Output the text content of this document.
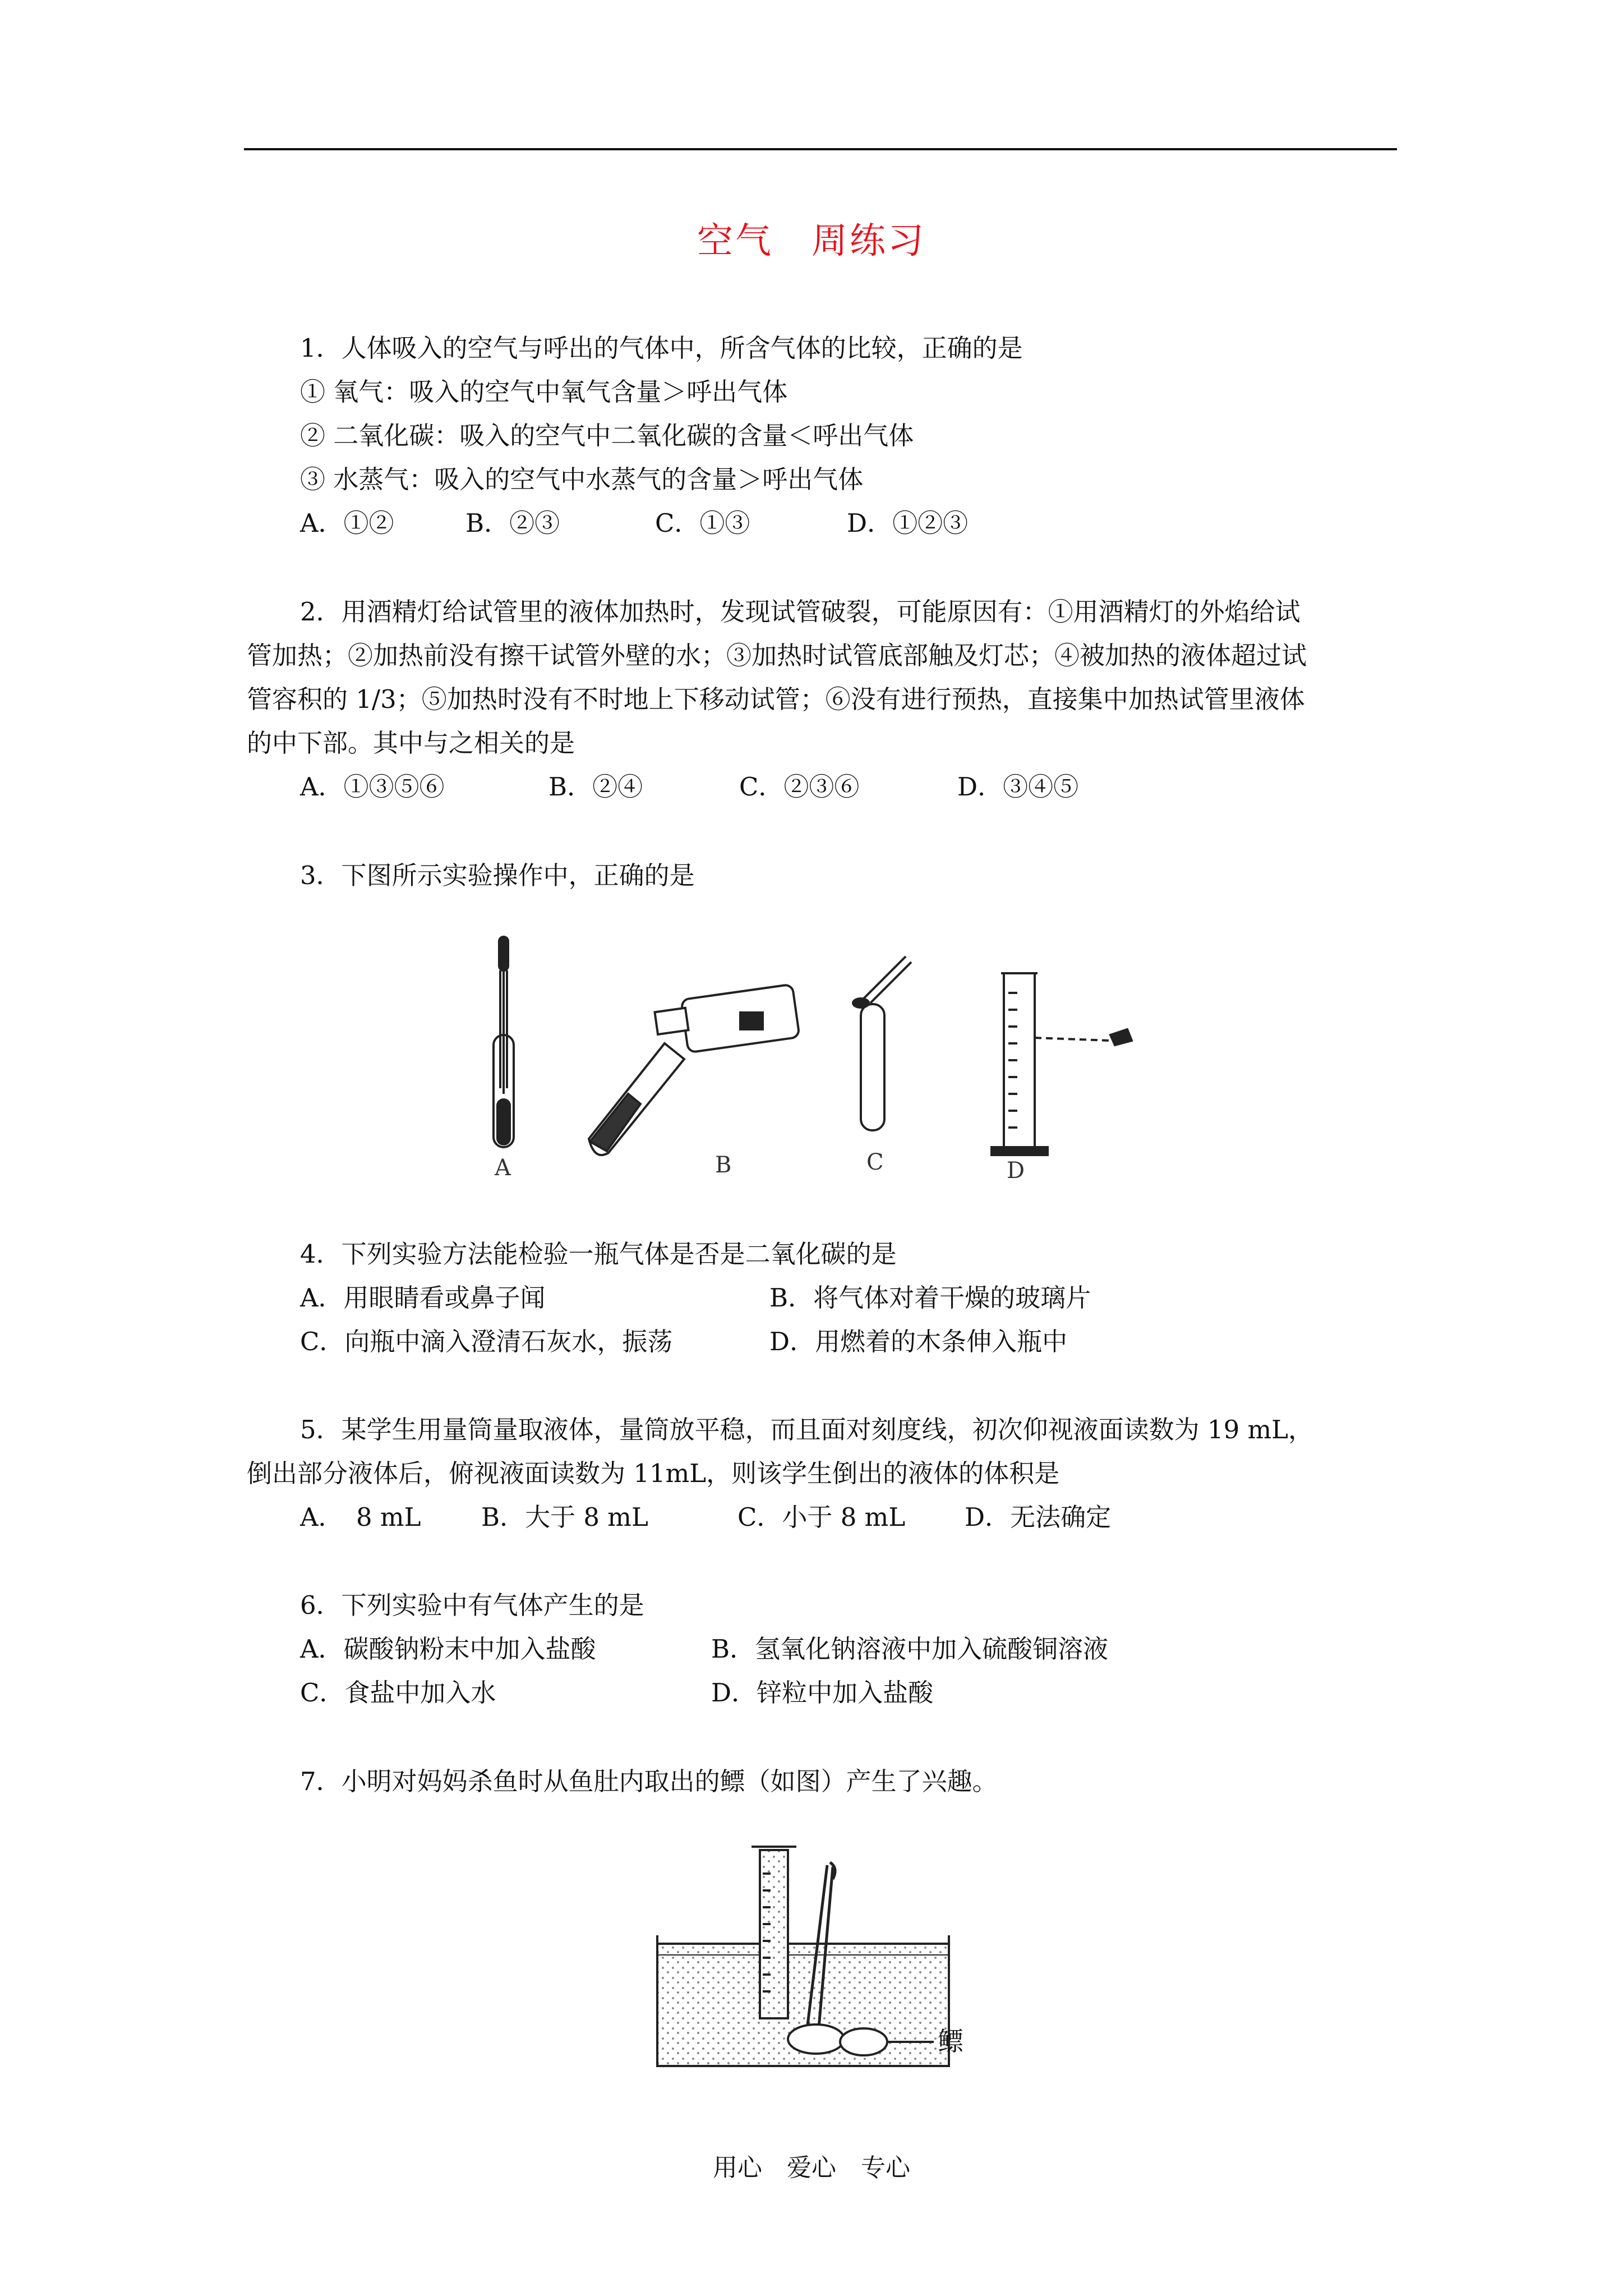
空气　周练习
1．人体吸入的空气与呼出的气体中，所含气体的比较，正确的是
① 氧气：吸入的空气中氧气含量＞呼出气体
② 二氧化碳：吸入的空气中二氧化碳的含量＜呼出气体
③ 水蒸气：吸入的空气中水蒸气的含量＞呼出气体
A．①②	B．②③	C．①③	D．①②③
2．用酒精灯给试管里的液体加热时，发现试管破裂，可能原因有：①用酒精灯的外焰给试
管加热；②加热前没有擦干试管外壁的水；③加热时试管底部触及灯芯；④被加热的液体超过试
管容积的 1/3；⑤加热时没有不时地上下移动试管；⑥没有进行预热，直接集中加热试管里液体
的中下部。其中与之相关的是
A．①③⑤⑥	B．②④	C．②③⑥	D．③④⑤
3．下图所示实验操作中，正确的是
A	B	C	D
4．下列实验方法能检验一瓶气体是否是二氧化碳的是
A．用眼睛看或鼻子闻	B．将气体对着干燥的玻璃片
C．向瓶中滴入澄清石灰水，振荡	D．用燃着的木条伸入瓶中
5．某学生用量筒量取液体，量筒放平稳，而且面对刻度线，初次仰视液面读数为 19 mL，
倒出部分液体后，俯视液面读数为 11mL，则该学生倒出的液体的体积是
A．　8 mL B．大于 8 mL	C．小于 8 mL D．无法确定
6．下列实验中有气体产生的是
A．碳酸钠粉末中加入盐酸	B．氢氧化钠溶液中加入硫酸铜溶液
C．食盐中加入水	D．锌粒中加入盐酸
7．小明对妈妈杀鱼时从鱼肚内取出的鳔（如图）产生了兴趣。
鳔
用心　爱心　专心
